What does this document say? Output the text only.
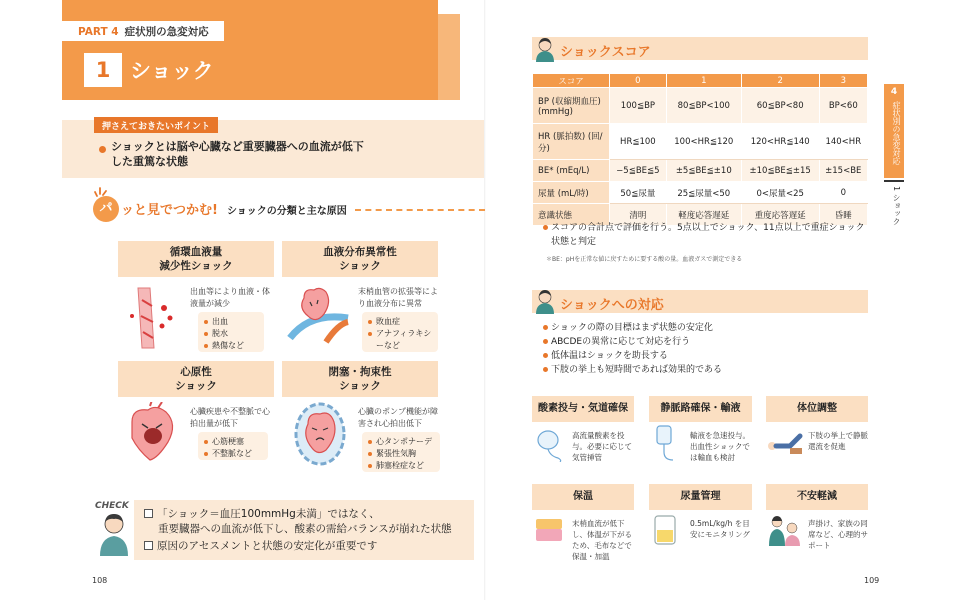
PART 4 症状別の急変対応
1 ショック
押さえておきたいポイント
ショックとは脳や心臓など重要臓器への血流が低下した重篤な状態
パ ッと見でつかむ! ショックの分類と主な原因
循環血液量
減少性ショック
出血等により血液・体液量が減少
出血
脱水
熱傷など
血液分布異常性
ショック
末梢血管の拡張等により血液分布に異常
敗血症
アナフィラキシーなど
心原性
ショック
心臓疾患や不整脈で心拍出量が低下
心筋梗塞
不整脈など
閉塞・拘束性
ショック
心臓のポンプ機能が障害され心拍出低下
心タンポナーデ
緊張性気胸
肺塞栓症など
CHECK
「ショック＝血圧100mmHg未満」ではなく、
重要臓器への血流が低下し、酸素の需給バランスが崩れた状態
原因のアセスメントと状態の安定化が重要です
108
ショックスコア
スコア	0	1	2	3
BP (収縮期血圧)(mmHg)	100≦BP	80≦BP<100	60≦BP<80	BP<60
HR (脈拍数) (回/分)	HR≦100	100<HR≦120	120<HR≦140	140<HR
BE* (mEq/L)	−5≦BE≦5	±5≦BE≦±10	±10≦BE≦±15	±15<BE
尿量 (mL/時)	50≦尿量	25≦尿量<50	0<尿量<25	0
意識状態	清明	軽度応答遅延	重度応答遅延	昏睡
スコアの合計点で評価を行う。5点以上でショック、11点以上で重症ショック状態と判定
＊BE：pHを正常な値に戻すために要する酸の量。血液ガスで測定できる
ショックへの対応
ショックの際の目標はまず状態の安定化
ABCDEの異常に応じて対応を行う
低体温はショックを助長する
下肢の挙上も短時間であれば効果的である
酸素投与・気道確保
高流量酸素を投与。必要に応じて気管挿管
静脈路確保・輸液
輸液を急速投与。出血性ショックでは輸血も検討
体位調整
下肢の挙上で静脈還流を促進
保温
末梢血流が低下し、体温が下がるため、毛布などで保温・加温
尿量管理
0.5mL/kg/h を目安にモニタリング
不安軽減
声掛け、家族の同席など、心理的サポート
4
症状別の急変対応
1 ショック
109
